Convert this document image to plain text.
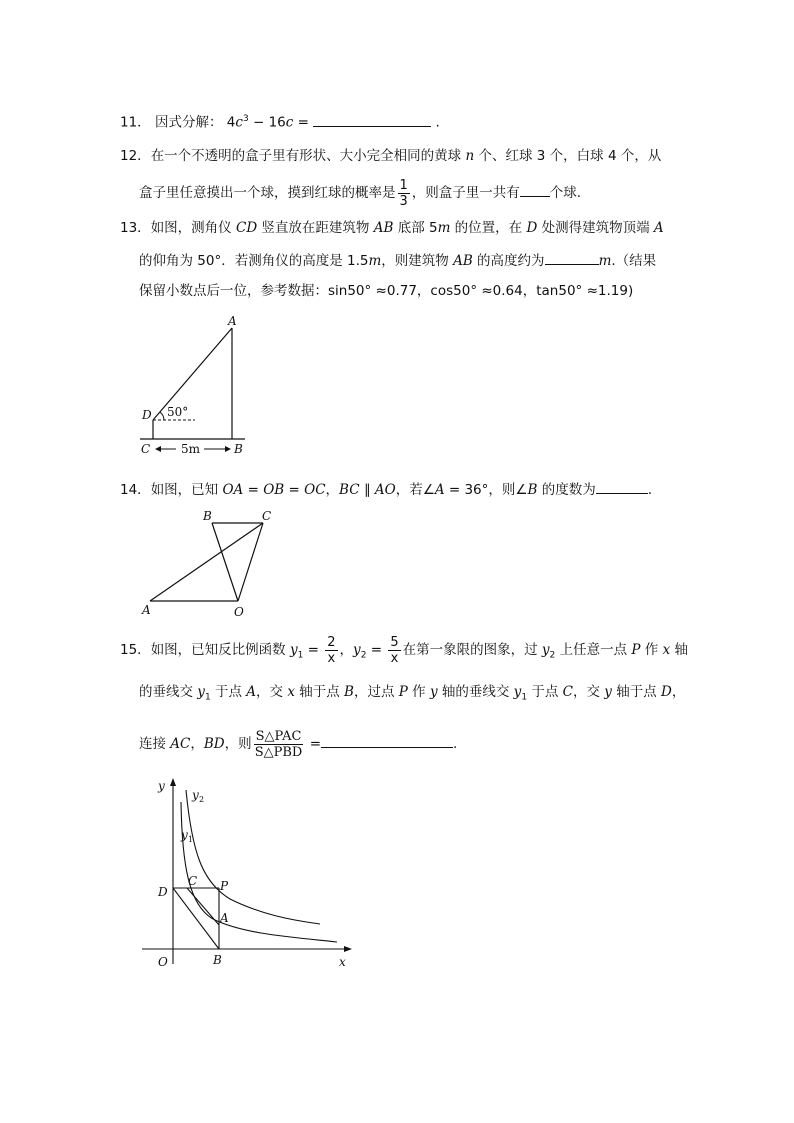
11． 因式分解： $4c^3 - 16c$ =	.
12．在一个不透明的盒子里有形状、大小完全相同的黄球 n 个、红球 3 个，白球 4 个，从
盒子里任意摸出一个球，摸到红球的概率是 $\frac{1}{3}$ ，则盒子里一共有 个球.
13．如图，测角仪 CD 竖直放在距建筑物 AB 底部 5m 的位置，在 D 处测得建筑物顶端 A
的仰角为 50°．若测角仪的高度是 1.5m，则建筑物 AB 的高度约为	m.（结果
保留小数点后一位，参考数据：sin50° ≈0.77，cos50° ≈0.64，tan50° ≈1.19)
A
D 50°
C	B
5m
14．如图，已知 OA = OB = OC，BC ∥ AO，若∠A = 36°，则∠B 的度数为	.
B	C
A	O
15．如图，已知反比例函数 $y_1 = \frac{2}{x}$ ，$y_2 = \frac{5}{x}$ 在第一象限的图象，过 $y_2$ 上任意一点 P 作 x 轴
的垂线交 $y_1$ 于点 A，交 x 轴于点 B，过点 P 作 y 轴的垂线交 $y_1$ 于点 C，交 y 轴于点 D，
连接 AC，BD，则 $\frac{\text{S△PAC}}{\text{S△PBD}}$ =	.
y
x
O
D
C P
A
B
y 1
y 2
